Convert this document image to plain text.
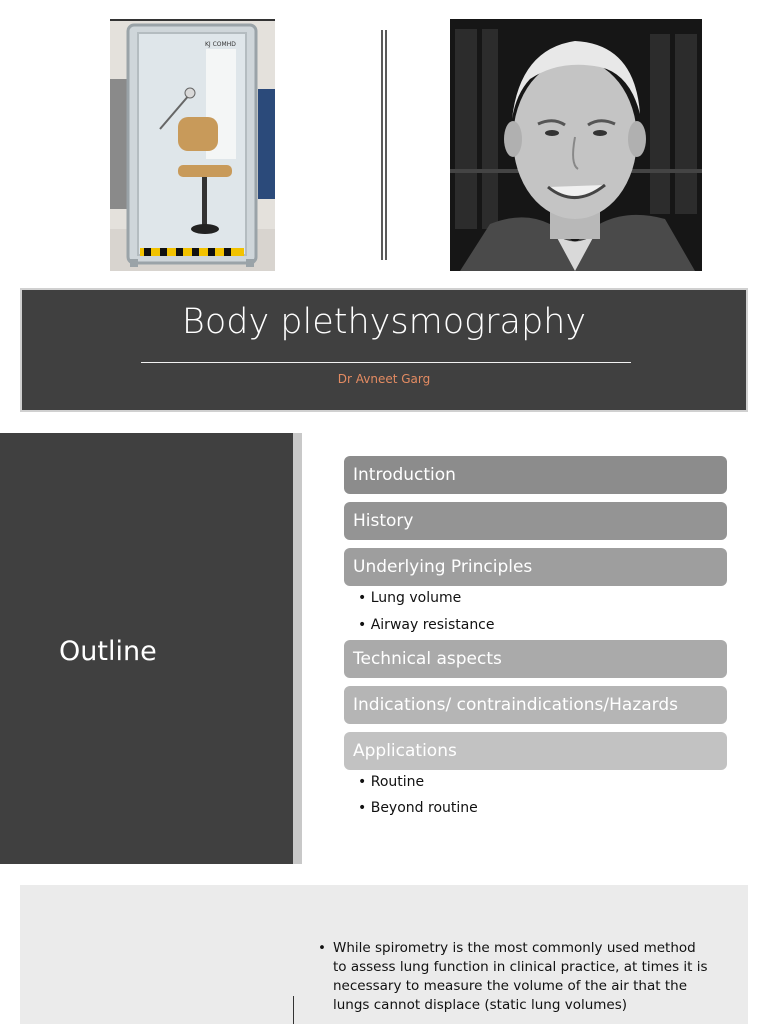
KJ COMHD
Body plethysmography
Dr Avneet Garg
Outline
Introduction
History
Underlying Principles
• Lung volume
• Airway resistance
Technical aspects
Indications/ contraindications/Hazards
Applications
• Routine
• Beyond routine
• While spirometry is the most commonly used method to assess lung function in clinical practice, at times it is necessary to measure the volume of the air that the lungs cannot displace (static lung volumes)
